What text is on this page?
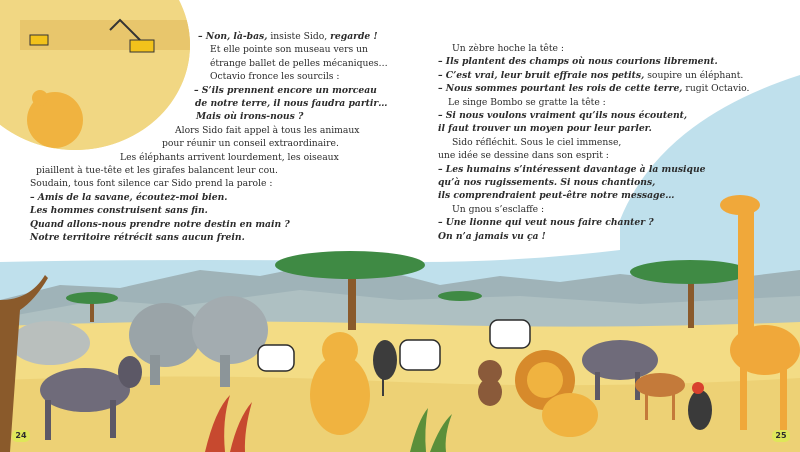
– Non, là-bas, insiste Sido, regarde !

Et elle pointe son museau vers un

étrange ballet de pelles mécaniques…

Octavio fronce les sourcils :

– S’ils prennent encore un morceau

de notre terre, il nous faudra partir…

Mais où irons-nous ?

Alors Sido fait appel à tous les animaux

pour réunir un conseil extraordinaire.

Les éléphants arrivent lourdement, les oiseaux

piaillent à tue-tête et les girafes balancent leur cou.

Soudain, tous font silence car Sido prend la parole :

– Amis de la savane, écoutez-moi bien.

Les hommes construisent sans fin.

Quand allons-nous prendre notre destin en main ?

Notre territoire rétrécit sans aucun frein.

Un zèbre hoche la tête :

– Ils plantent des champs où nous courions librement.

– C’est vrai, leur bruit effraie nos petits, soupire un éléphant.

– Nous sommes pourtant les rois de cette terre, rugit Octavio.

Le singe Bombo se gratte la tête :

– Si nous voulons vraiment qu’ils nous écoutent,

il faut trouver un moyen pour leur parler.

Sido réfléchit. Sous le ciel immense,

une idée se dessine dans son esprit :

– Les humains s’intéressent davantage à la musique

qu’à nos rugissements. Si nous chantions,

ils comprendraient peut-être notre message…

Un gnou s’esclaffe :

– Une lionne qui veut nous faire chanter ?

On n’a jamais vu ça !

24	25
